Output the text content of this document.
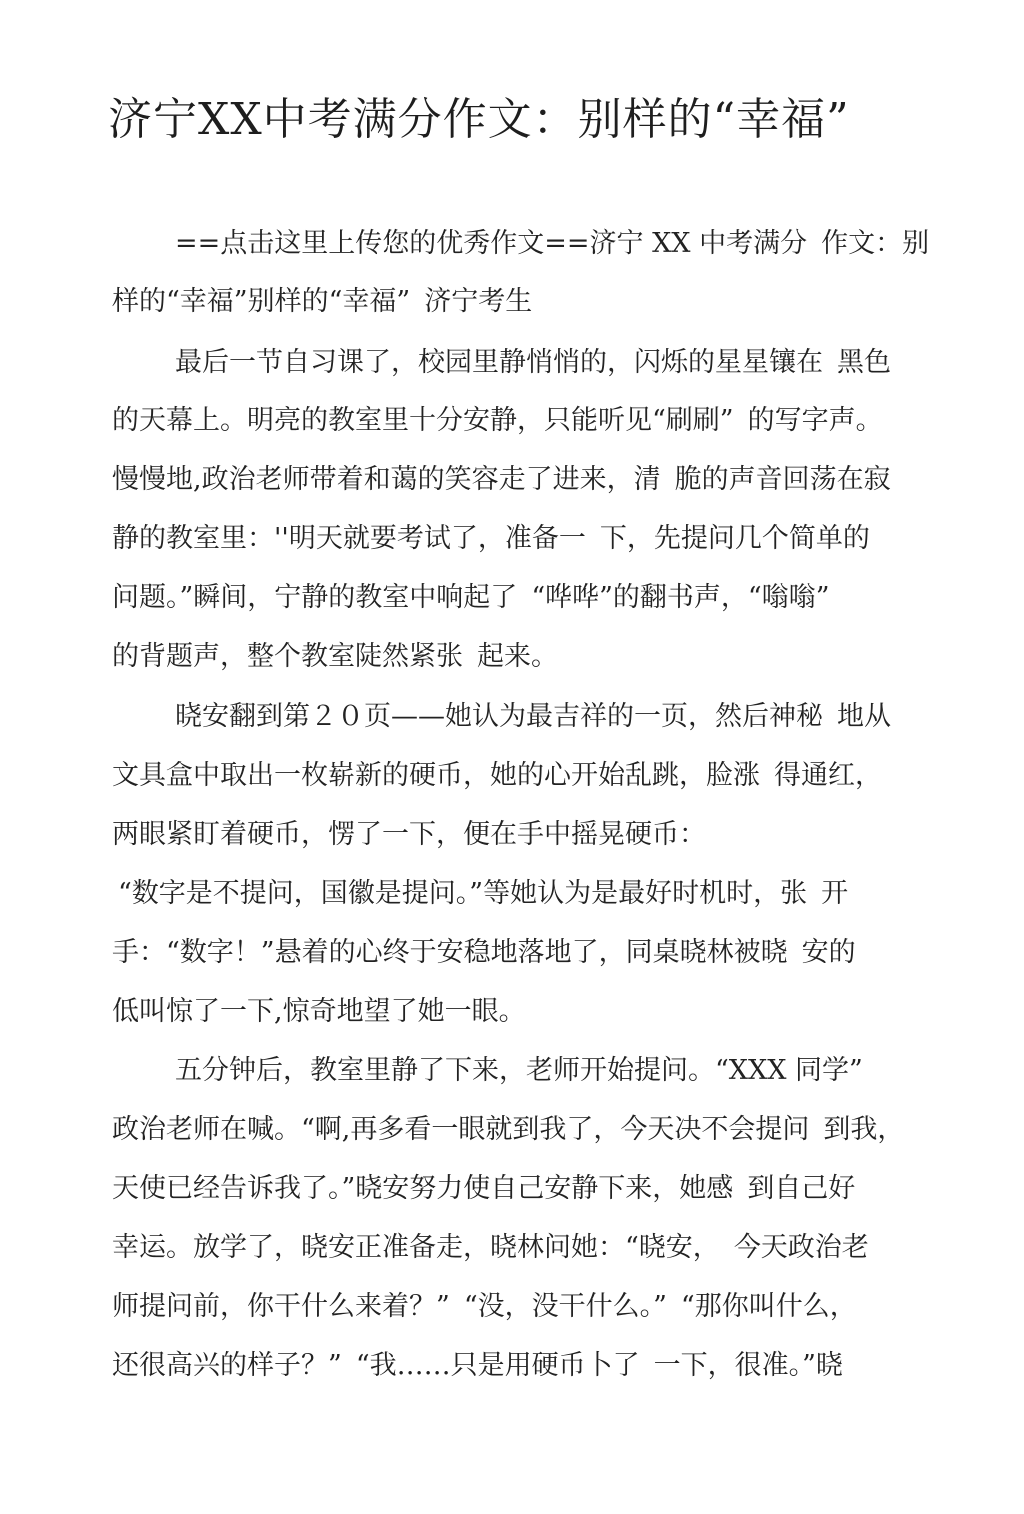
济宁XX中考满分作文：别样的“幸福”

==点击这里上传您的优秀作文==济宁 XX 中考满分 作文：别

样的“幸福”别样的“幸福” 济宁考生

最后一节自习课了，校园里静悄悄的，闪烁的星星镶在 黑色

的天幕上。明亮的教室里十分安静，只能听见“刷刷” 的写字声。

慢慢地,政治老师带着和蔼的笑容走了进来，清 脆的声音回荡在寂

静的教室里：''明天就要考试了，准备一 下，先提问几个简单的

问题。”瞬间，宁静的教室中响起了 “哗哗”的翻书声，“嗡嗡”

的背题声，整个教室陡然紧张 起来。

晓安翻到第２０页——她认为最吉祥的一页，然后神秘 地从

文具盒中取出一枚崭新的硬币，她的心开始乱跳，脸涨 得通红，

两眼紧盯着硬币，愣了一下，便在手中摇晃硬币：

“数字是不提问，国徽是提问。”等她认为是最好时机时，张 开

手：“数字！”悬着的心终于安稳地落地了，同桌晓林被晓 安的

低叫惊了一下,惊奇地望了她一眼。

五分钟后，教室里静了下来，老师开始提问。“XXX 同学”

政治老师在喊。“啊,再多看一眼就到我了，今天决不会提问 到我，

天使已经告诉我了。”晓安努力使自己安静下来，她感 到自己好

幸运。放学了，晓安正准备走，晓林问她：“晓安， 今天政治老

师提问前，你干什么来着？” “没，没干什么。” “那你叫什么，

还很高兴的样子？” “我……只是用硬币卜了 一下，很准。”晓
